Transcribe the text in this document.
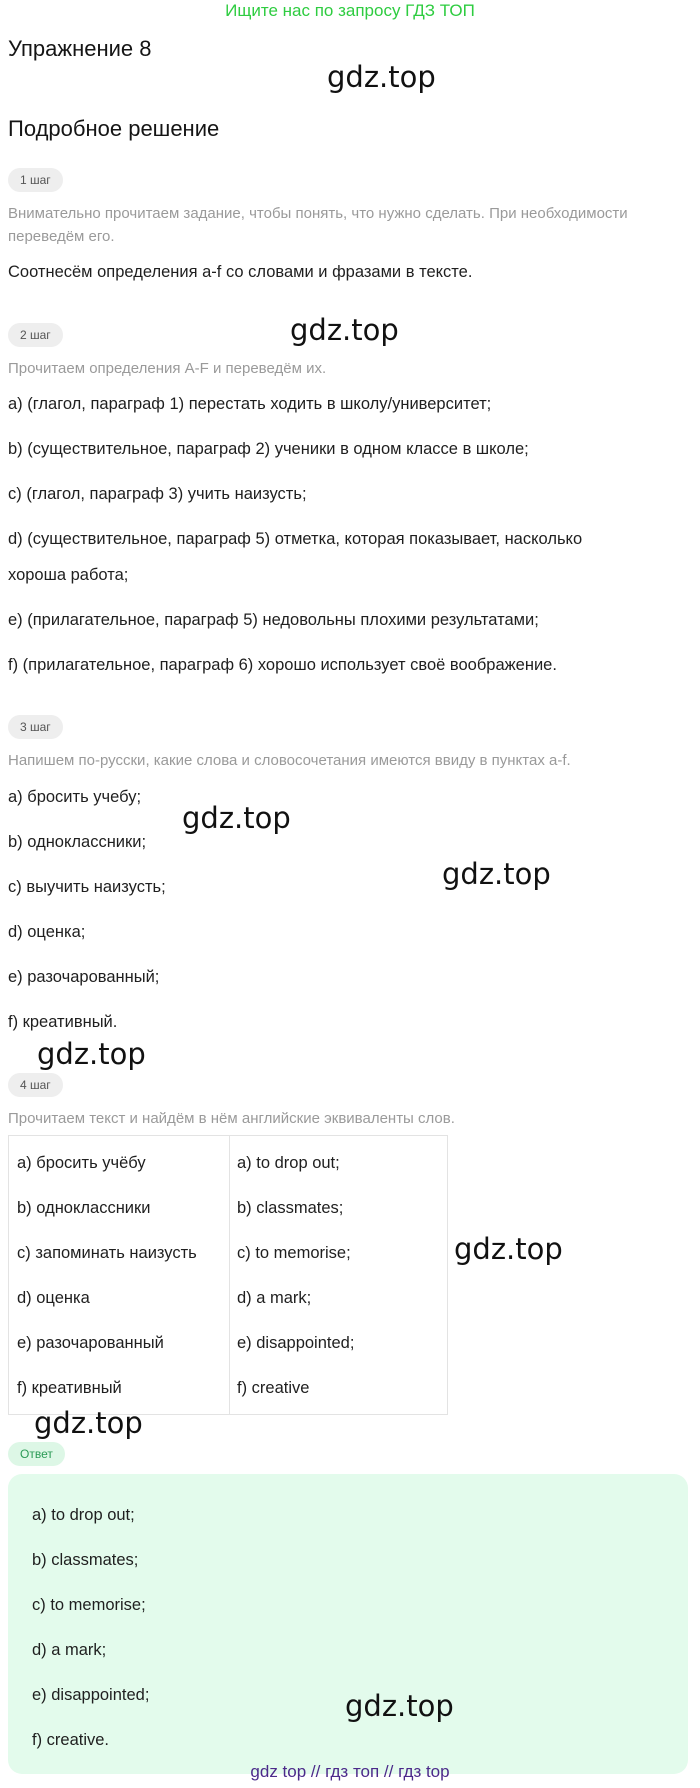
Ищите нас по запросу ГДЗ ТОП
Упражнение 8
gdz.top
Подробное решение
1 шаг
Внимательно прочитаем задание, чтобы понять, что нужно сделать. При необходимости
переведём его.
Соотнесём определения a-f со словами и фразами в тексте.
gdz.top
2 шаг
Прочитаем определения A-F и переведём их.
a) (глагол, параграф 1) перестать ходить в школу/университет;
b) (существительное, параграф 2) ученики в одном классе в школе;
c) (глагол, параграф 3) учить наизусть;
d) (существительное, параграф 5) отметка, которая показывает, насколько
хороша работа;
e) (прилагательное, параграф 5) недовольны плохими результатами;
f) (прилагательное, параграф 6) хорошо использует своё воображение.
3 шаг
Напишем по-русски, какие слова и словосочетания имеются ввиду в пунктах a-f.
a) бросить учебу;
gdz.top
b) одноклассники;
gdz.top
c) выучить наизусть;
d) оценка;
e) разочарованный;
f) креативный.
gdz.top
4 шаг
Прочитаем текст и найдём в нём английские эквиваленты слов.
a) бросить учёбу	a) to drop out;
b) одноклассники	b) classmates;
c) запоминать наизусть c) to memorise;
d) оценка	d) a mark;
e) разочарованный	e) disappointed;
f) креативный	f) creative
gdz.top
gdz.top
Ответ
a) to drop out;
b) classmates;
c) to memorise;
d) a mark;
e) disappointed;
f) creative.
gdz.top
gdz top // гдз топ // гдз top
